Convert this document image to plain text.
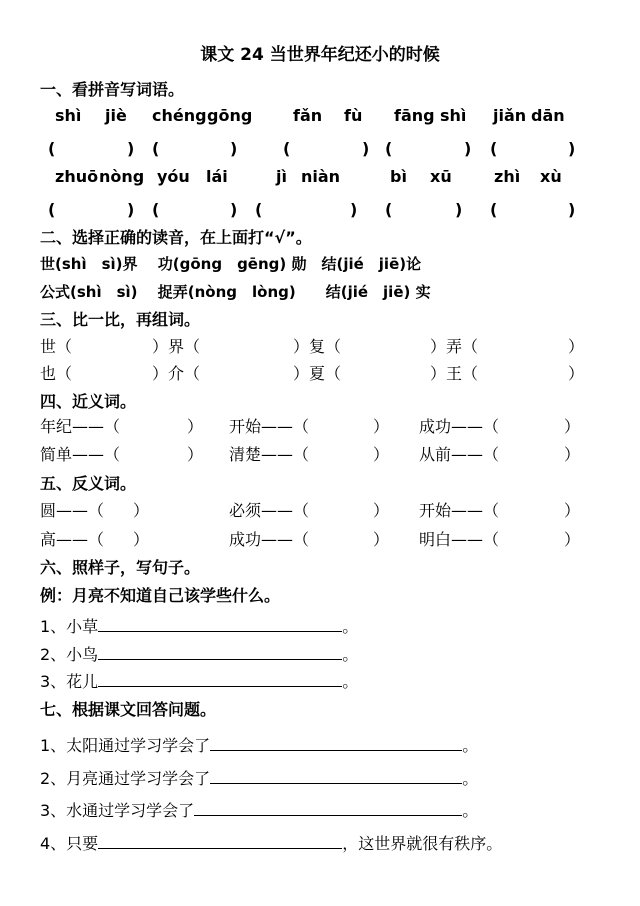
课文 24 当世界年纪还小的时候
一、看拼音写词语。
shì jiè chéng gōng	fǎn fù fāng shì jiǎn dān
(	) (	)	(	) (	) (	)
zhuō nòng yóu lái	jì niàn	bì xū	zhì xù
(	) (	) (	) (	) (	)
二、选择正确的读音，在上面打“√”。
世(shì　sì)界　 功(gōng　gēng) 勋　结(jié　jiē)论
公式(shì　sì)　 捉弄(nòng　lòng)　　结(jié　jiē) 实
三、比一比，再组词。
世（	）界（	）复（	）弄（	）
也（	）介（	）夏（	）王（	）
四、近义词。
年纪——（	） 开始——（	） 成功——（	）
简单——（	） 清楚——（	） 从前——（	）
五、反义词。
圆——（ ）	必须——（	） 开始——（	）
高——（ ）	成功——（	） 明白——（	）
六、照样子，写句子。
例：月亮不知道自己该学些什么。
1、小草	。
2、小鸟	。
3、花儿	。
七、根据课文回答问题。
1、太阳通过学习学会了	。
2、月亮通过学习学会了	。
3、水通过学习学会了	。
4、只要	，这世界就很有秩序。
